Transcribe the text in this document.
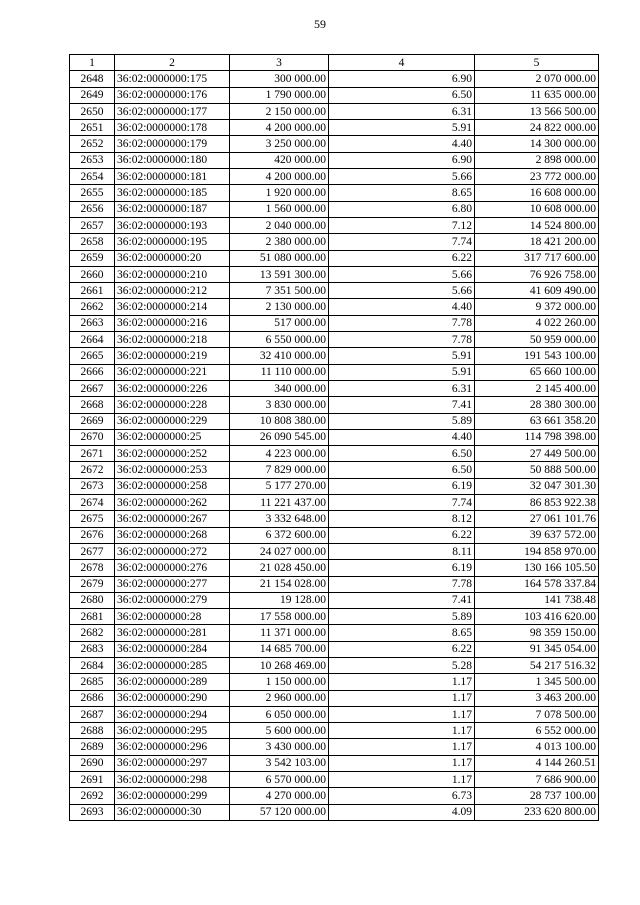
59
1	2	3	4	5
2648	36:02:0000000:175	300 000.00	6.90	2 070 000.00
2649	36:02:0000000:176	1 790 000.00	6.50	11 635 000.00
2650	36:02:0000000:177	2 150 000.00	6.31	13 566 500.00
2651	36:02:0000000:178	4 200 000.00	5.91	24 822 000.00
2652	36:02:0000000:179	3 250 000.00	4.40	14 300 000.00
2653	36:02:0000000:180	420 000.00	6.90	2 898 000.00
2654	36:02:0000000:181	4 200 000.00	5.66	23 772 000.00
2655	36:02:0000000:185	1 920 000.00	8.65	16 608 000.00
2656	36:02:0000000:187	1 560 000.00	6.80	10 608 000.00
2657	36:02:0000000:193	2 040 000.00	7.12	14 524 800.00
2658	36:02:0000000:195	2 380 000.00	7.74	18 421 200.00
2659	36:02:0000000:20	51 080 000.00	6.22	317 717 600.00
2660	36:02:0000000:210	13 591 300.00	5.66	76 926 758.00
2661	36:02:0000000:212	7 351 500.00	5.66	41 609 490.00
2662	36:02:0000000:214	2 130 000.00	4.40	9 372 000.00
2663	36:02:0000000:216	517 000.00	7.78	4 022 260.00
2664	36:02:0000000:218	6 550 000.00	7.78	50 959 000.00
2665	36:02:0000000:219	32 410 000.00	5.91	191 543 100.00
2666	36:02:0000000:221	11 110 000.00	5.91	65 660 100.00
2667	36:02:0000000:226	340 000.00	6.31	2 145 400.00
2668	36:02:0000000:228	3 830 000.00	7.41	28 380 300.00
2669	36:02:0000000:229	10 808 380.00	5.89	63 661 358.20
2670	36:02:0000000:25	26 090 545.00	4.40	114 798 398.00
2671	36:02:0000000:252	4 223 000.00	6.50	27 449 500.00
2672	36:02:0000000:253	7 829 000.00	6.50	50 888 500.00
2673	36:02:0000000:258	5 177 270.00	6.19	32 047 301.30
2674	36:02:0000000:262	11 221 437.00	7.74	86 853 922.38
2675	36:02:0000000:267	3 332 648.00	8.12	27 061 101.76
2676	36:02:0000000:268	6 372 600.00	6.22	39 637 572.00
2677	36:02:0000000:272	24 027 000.00	8.11	194 858 970.00
2678	36:02:0000000:276	21 028 450.00	6.19	130 166 105.50
2679	36:02:0000000:277	21 154 028.00	7.78	164 578 337.84
2680	36:02:0000000:279	19 128.00	7.41	141 738.48
2681	36:02:0000000:28	17 558 000.00	5.89	103 416 620.00
2682	36:02:0000000:281	11 371 000.00	8.65	98 359 150.00
2683	36:02:0000000:284	14 685 700.00	6.22	91 345 054.00
2684	36:02:0000000:285	10 268 469.00	5.28	54 217 516.32
2685	36:02:0000000:289	1 150 000.00	1.17	1 345 500.00
2686	36:02:0000000:290	2 960 000.00	1.17	3 463 200.00
2687	36:02:0000000:294	6 050 000.00	1.17	7 078 500.00
2688	36:02:0000000:295	5 600 000.00	1.17	6 552 000.00
2689	36:02:0000000:296	3 430 000.00	1.17	4 013 100.00
2690	36:02:0000000:297	3 542 103.00	1.17	4 144 260.51
2691	36:02:0000000:298	6 570 000.00	1.17	7 686 900.00
2692	36:02:0000000:299	4 270 000.00	6.73	28 737 100.00
2693	36:02:0000000:30	57 120 000.00	4.09	233 620 800.00
